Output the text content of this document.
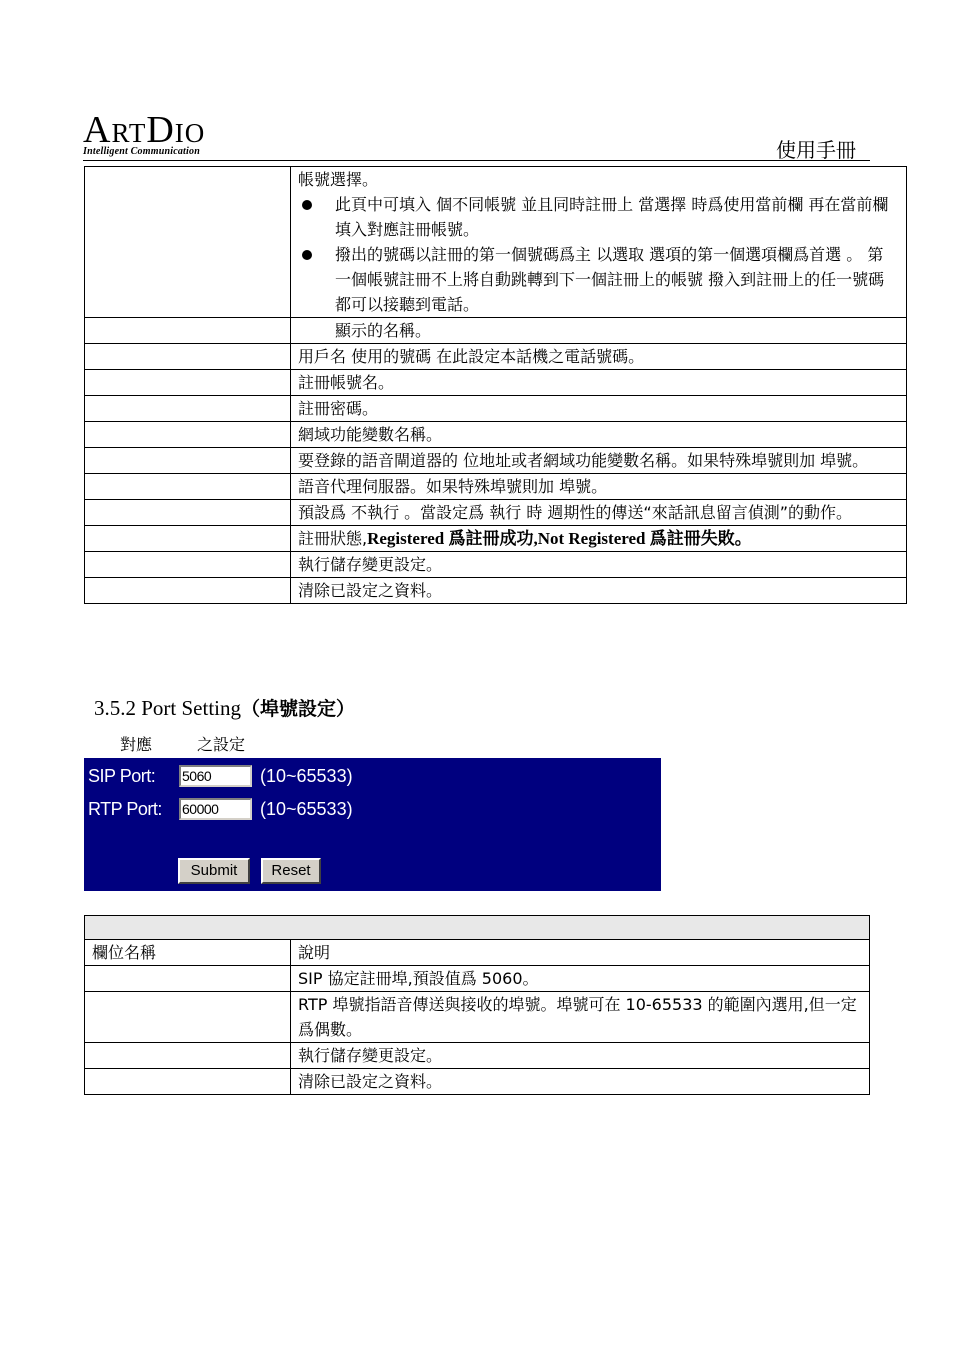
ARTDIO
Intelligent Communication	使用手冊

	帳號選擇。
此頁中可填入 個不同帳號 並且同時註冊上 當選擇 時爲使用當前欄 再在當前欄填入對應註冊帳號。
撥出的號碼以註冊的第一個號碼爲主 以選取 選項的第一個選項欄爲首選 。 第一個帳號註冊不上將自動跳轉到下一個註冊上的帳號 撥入到註冊上的任一號碼都可以接聽到電話。

	顯示的名稱。
	用戶名 使用的號碼 在此設定本話機之電話號碼。
	註冊帳號名。
	註冊密碼。
	網域功能變數名稱。
	要登錄的語音閘道器的 位地址或者網域功能變數名稱。如果特殊埠號則加 埠號。
	語音代理伺服器。如果特殊埠號則加 埠號。
	預設爲 不執行 。當設定爲 執行 時 週期性的傳送“來話訊息留言偵測”的動作。
	註冊狀態,Registered 爲註冊成功,Not Registered 爲註冊失敗。
	執行儲存變更設定。
	清除已設定之資料。
3.5.2 Port Setting（埠號設定）
對應	之設定
SIP Port: 5060	(10~65533)
RTP Port: 60000	(10~65533)
Submit	Reset

欄位名稱	說明
	SIP 協定註冊埠,預設值爲 5060。
	RTP 埠號指語音傳送與接收的埠號。埠號可在 10-65533 的範圍內選用,但一定爲偶數。
	執行儲存變更設定。
	清除已設定之資料。
